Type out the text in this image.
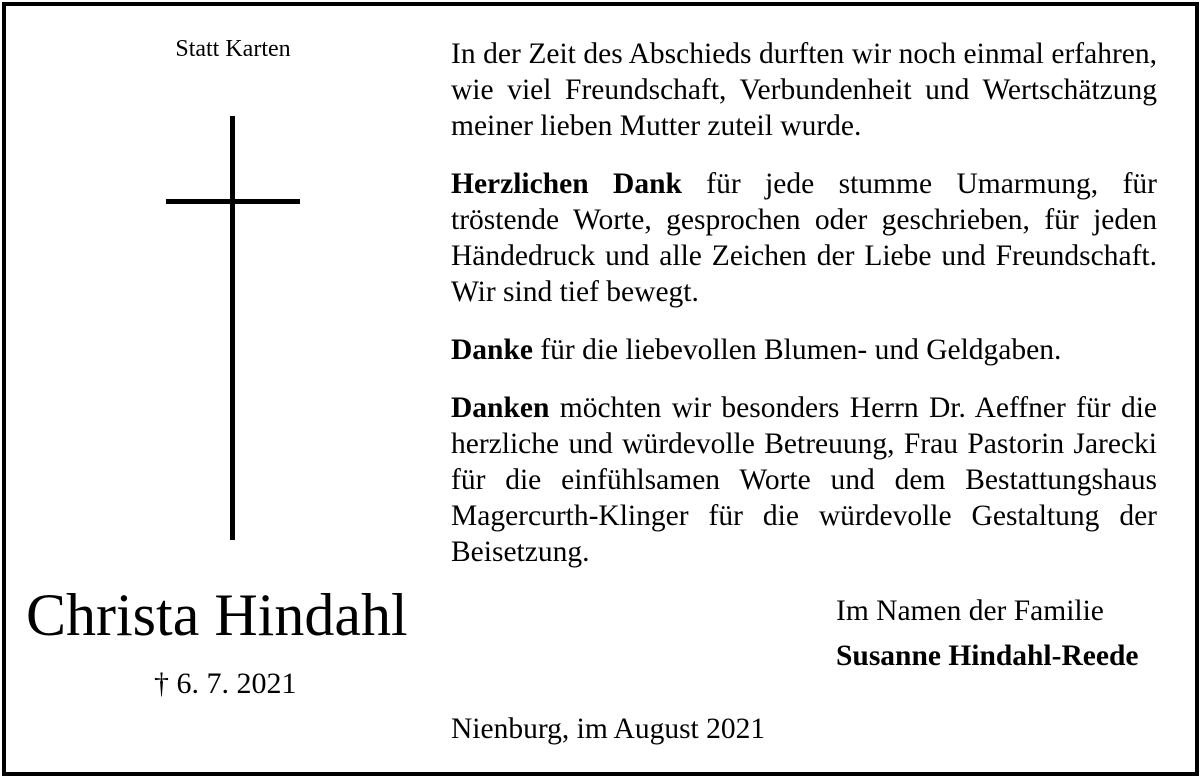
Statt Karten
Christa Hindahl
† 6. 7. 2021

In der Zeit des Abschieds durften wir noch einmal erfahren, wie viel Freundschaft, Verbundenheit und Wertschätzung meiner lieben Mutter zuteil wurde.

Herzlichen Dank für jede stumme Umarmung, für tröstende Worte, gesprochen oder geschrieben, für jeden Händedruck und alle Zeichen der Liebe und Freundschaft. Wir sind tief bewegt.

Danke für die liebevollen Blumen- und Geldgaben.

Danken möchten wir besonders Herrn Dr. Aeffner für die herzliche und würdevolle Betreuung, Frau Pastorin Jarecki für die einfühlsamen Worte und dem Bestattungshaus Magercurth-Klinger für die würdevolle Gestaltung der Beisetzung.

Im Namen der Familie
Susanne Hindahl-Reede
Nienburg, im August 2021
